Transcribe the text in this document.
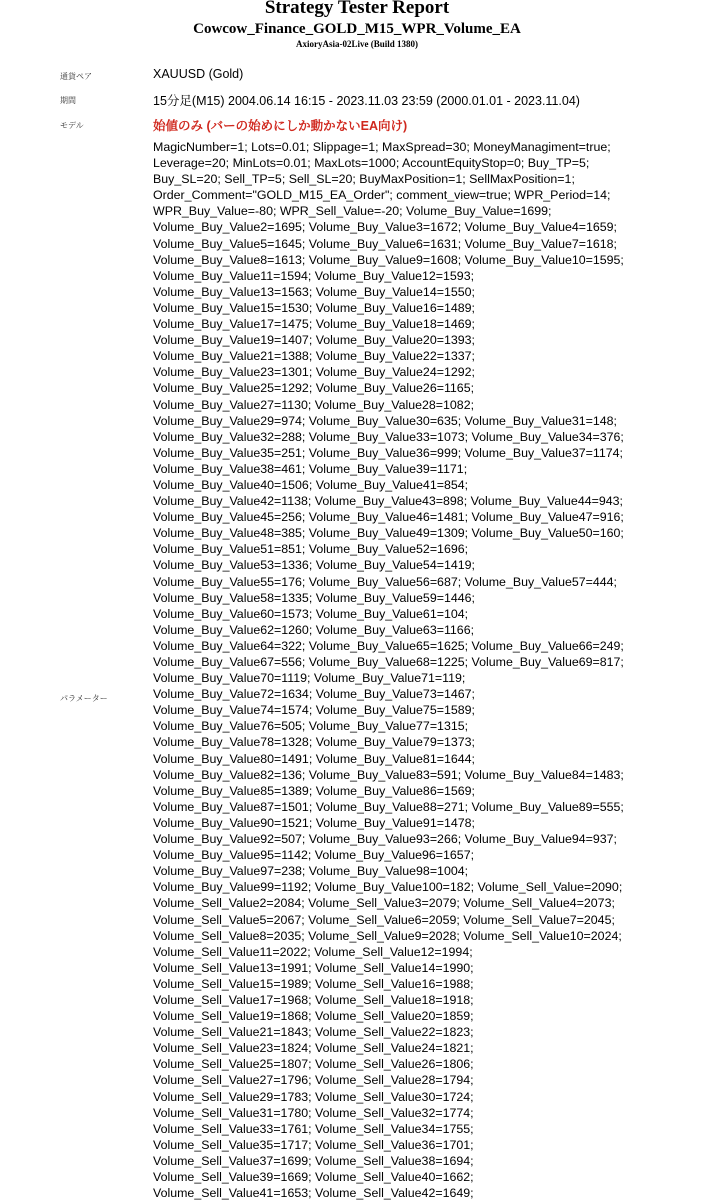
Strategy Tester Report
Cowcow_Finance_GOLD_M15_WPR_Volume_EA
AxioryAsia-02Live (Build 1380)
通貨ペア	XAUUSD (Gold)
期間	15分足(M15) 2004.06.14 16:15 - 2023.11.03 23:59 (2000.01.01 - 2023.11.04)
モデル	始値のみ (バーの始めにしか動かないEA向け)
パラメーター
MagicNumber=1; Lots=0.01; Slippage=1; MaxSpread=30; MoneyManagiment=true;
Leverage=20; MinLots=0.01; MaxLots=1000; AccountEquityStop=0; Buy_TP=5;
Buy_SL=20; Sell_TP=5; Sell_SL=20; BuyMaxPosition=1; SellMaxPosition=1;
Order_Comment="GOLD_M15_EA_Order"; comment_view=true; WPR_Period=14;
WPR_Buy_Value=-80; WPR_Sell_Value=-20; Volume_Buy_Value=1699;
Volume_Buy_Value2=1695; Volume_Buy_Value3=1672; Volume_Buy_Value4=1659;
Volume_Buy_Value5=1645; Volume_Buy_Value6=1631; Volume_Buy_Value7=1618;
Volume_Buy_Value8=1613; Volume_Buy_Value9=1608; Volume_Buy_Value10=1595;
Volume_Buy_Value11=1594; Volume_Buy_Value12=1593;
Volume_Buy_Value13=1563; Volume_Buy_Value14=1550;
Volume_Buy_Value15=1530; Volume_Buy_Value16=1489;
Volume_Buy_Value17=1475; Volume_Buy_Value18=1469;
Volume_Buy_Value19=1407; Volume_Buy_Value20=1393;
Volume_Buy_Value21=1388; Volume_Buy_Value22=1337;
Volume_Buy_Value23=1301; Volume_Buy_Value24=1292;
Volume_Buy_Value25=1292; Volume_Buy_Value26=1165;
Volume_Buy_Value27=1130; Volume_Buy_Value28=1082;
Volume_Buy_Value29=974; Volume_Buy_Value30=635; Volume_Buy_Value31=148;
Volume_Buy_Value32=288; Volume_Buy_Value33=1073; Volume_Buy_Value34=376;
Volume_Buy_Value35=251; Volume_Buy_Value36=999; Volume_Buy_Value37=1174;
Volume_Buy_Value38=461; Volume_Buy_Value39=1171;
Volume_Buy_Value40=1506; Volume_Buy_Value41=854;
Volume_Buy_Value42=1138; Volume_Buy_Value43=898; Volume_Buy_Value44=943;
Volume_Buy_Value45=256; Volume_Buy_Value46=1481; Volume_Buy_Value47=916;
Volume_Buy_Value48=385; Volume_Buy_Value49=1309; Volume_Buy_Value50=160;
Volume_Buy_Value51=851; Volume_Buy_Value52=1696;
Volume_Buy_Value53=1336; Volume_Buy_Value54=1419;
Volume_Buy_Value55=176; Volume_Buy_Value56=687; Volume_Buy_Value57=444;
Volume_Buy_Value58=1335; Volume_Buy_Value59=1446;
Volume_Buy_Value60=1573; Volume_Buy_Value61=104;
Volume_Buy_Value62=1260; Volume_Buy_Value63=1166;
Volume_Buy_Value64=322; Volume_Buy_Value65=1625; Volume_Buy_Value66=249;
Volume_Buy_Value67=556; Volume_Buy_Value68=1225; Volume_Buy_Value69=817;
Volume_Buy_Value70=1119; Volume_Buy_Value71=119;
Volume_Buy_Value72=1634; Volume_Buy_Value73=1467;
Volume_Buy_Value74=1574; Volume_Buy_Value75=1589;
Volume_Buy_Value76=505; Volume_Buy_Value77=1315;
Volume_Buy_Value78=1328; Volume_Buy_Value79=1373;
Volume_Buy_Value80=1491; Volume_Buy_Value81=1644;
Volume_Buy_Value82=136; Volume_Buy_Value83=591; Volume_Buy_Value84=1483;
Volume_Buy_Value85=1389; Volume_Buy_Value86=1569;
Volume_Buy_Value87=1501; Volume_Buy_Value88=271; Volume_Buy_Value89=555;
Volume_Buy_Value90=1521; Volume_Buy_Value91=1478;
Volume_Buy_Value92=507; Volume_Buy_Value93=266; Volume_Buy_Value94=937;
Volume_Buy_Value95=1142; Volume_Buy_Value96=1657;
Volume_Buy_Value97=238; Volume_Buy_Value98=1004;
Volume_Buy_Value99=1192; Volume_Buy_Value100=182; Volume_Sell_Value=2090;
Volume_Sell_Value2=2084; Volume_Sell_Value3=2079; Volume_Sell_Value4=2073;
Volume_Sell_Value5=2067; Volume_Sell_Value6=2059; Volume_Sell_Value7=2045;
Volume_Sell_Value8=2035; Volume_Sell_Value9=2028; Volume_Sell_Value10=2024;
Volume_Sell_Value11=2022; Volume_Sell_Value12=1994;
Volume_Sell_Value13=1991; Volume_Sell_Value14=1990;
Volume_Sell_Value15=1989; Volume_Sell_Value16=1988;
Volume_Sell_Value17=1968; Volume_Sell_Value18=1918;
Volume_Sell_Value19=1868; Volume_Sell_Value20=1859;
Volume_Sell_Value21=1843; Volume_Sell_Value22=1823;
Volume_Sell_Value23=1824; Volume_Sell_Value24=1821;
Volume_Sell_Value25=1807; Volume_Sell_Value26=1806;
Volume_Sell_Value27=1796; Volume_Sell_Value28=1794;
Volume_Sell_Value29=1783; Volume_Sell_Value30=1724;
Volume_Sell_Value31=1780; Volume_Sell_Value32=1774;
Volume_Sell_Value33=1761; Volume_Sell_Value34=1755;
Volume_Sell_Value35=1717; Volume_Sell_Value36=1701;
Volume_Sell_Value37=1699; Volume_Sell_Value38=1694;
Volume_Sell_Value39=1669; Volume_Sell_Value40=1662;
Volume_Sell_Value41=1653; Volume_Sell_Value42=1649;
